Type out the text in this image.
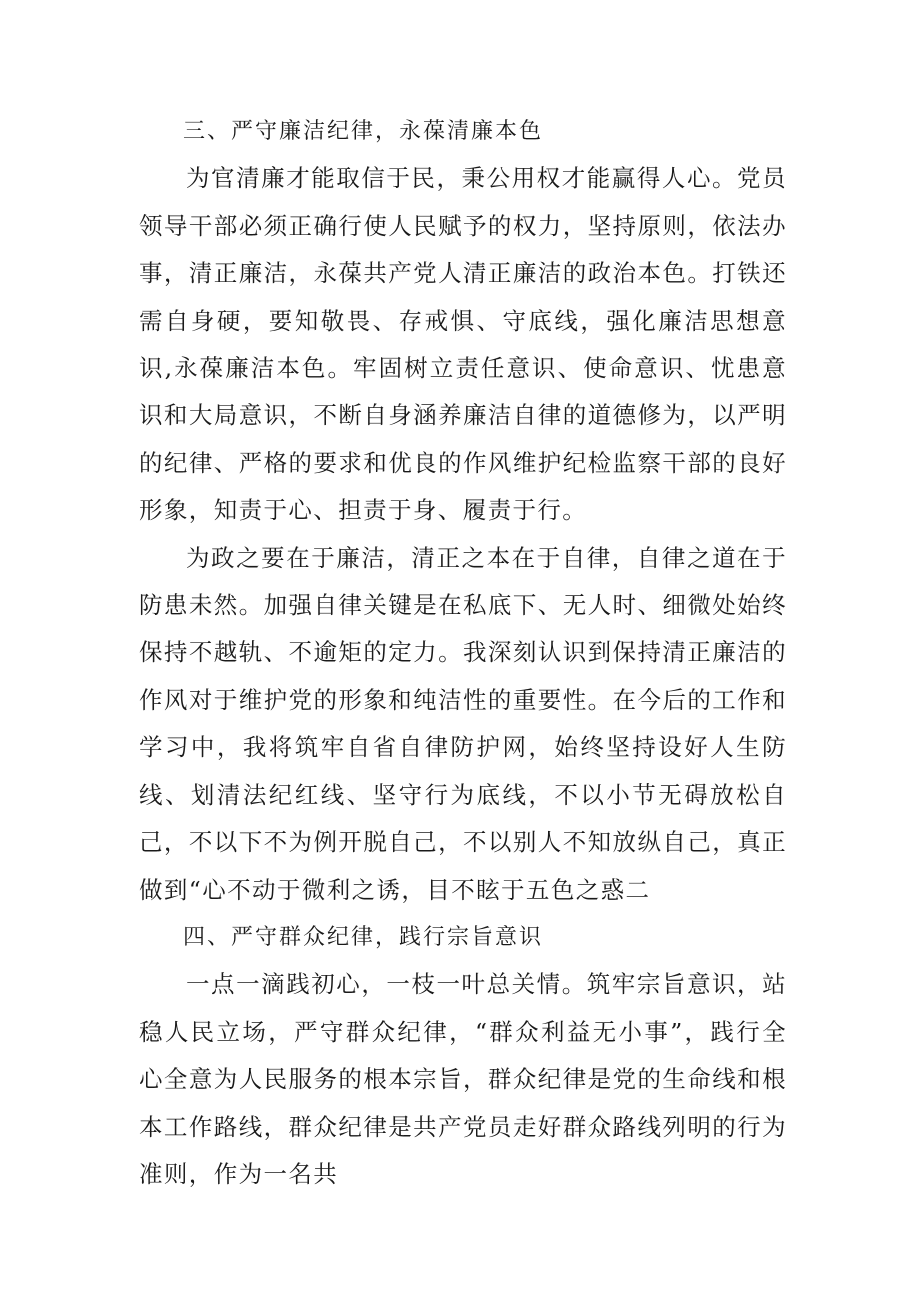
三、严守廉洁纪律，永葆清廉本色

为官清廉才能取信于民，秉公用权才能赢得人心。党员领导干部必须正确行使人民赋予的权力，坚持原则，依法办事，清正廉洁，永葆共产党人清正廉洁的政治本色。打铁还需自身硬，要知敬畏、存戒惧、守底线，强化廉洁思想意识,永葆廉洁本色。牢固树立责任意识、使命意识、忧患意识和大局意识，不断自身涵养廉洁自律的道德修为，以严明的纪律、严格的要求和优良的作风维护纪检监察干部的良好形象，知责于心、担责于身、履责于行。

为政之要在于廉洁，清正之本在于自律，自律之道在于防患未然。加强自律关键是在私底下、无人时、细微处始终保持不越轨、不逾矩的定力。我深刻认识到保持清正廉洁的作风对于维护党的形象和纯洁性的重要性。在今后的工作和学习中，我将筑牢自省自律防护网，始终坚持设好人生防线、划清法纪红线、坚守行为底线，不以小节无碍放松自己，不以下不为例开脱自己，不以别人不知放纵自己，真正做到“心不动于微利之诱，目不眩于五色之惑二

四、严守群众纪律，践行宗旨意识

一点一滴践初心，一枝一叶总关情。筑牢宗旨意识，站稳人民立场，严守群众纪律，“群众利益无小事”，践行全心全意为人民服务的根本宗旨，群众纪律是党的生命线和根本工作路线，群众纪律是共产党员走好群众路线列明的行为准则，作为一名共
